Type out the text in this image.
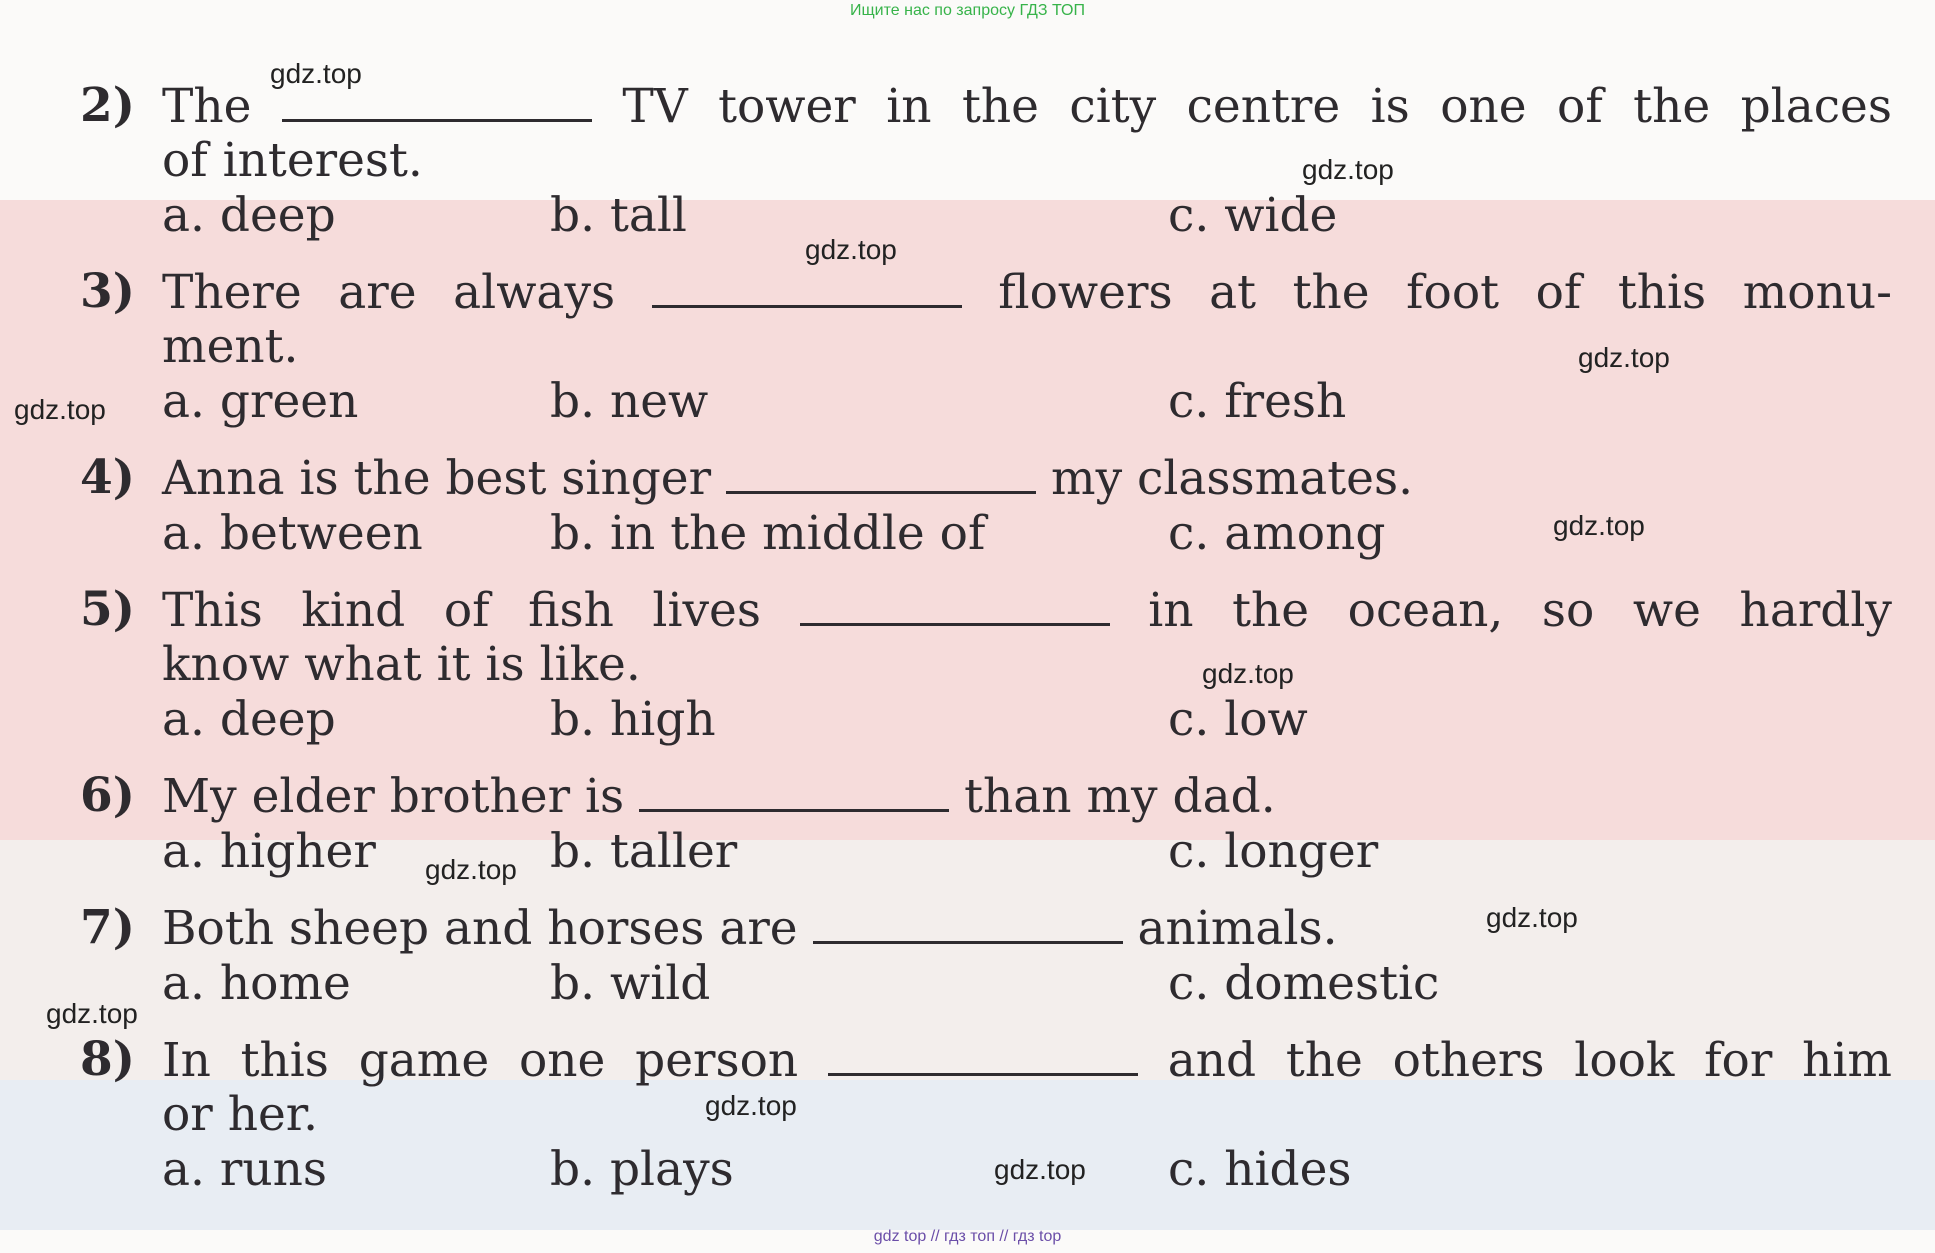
Ищите нас по запросу ГДЗ ТОП
2) The	TV tower in the city centre is one of the places
of interest.
a. deep	b. tall	c. wide
3) There are always	flowers at the foot of this monu-
ment.
a. green	b. new	c. fresh
4) Anna is the best singer	my classmates.
a. between	b. in the middle of	c. among
5) This kind of fish lives	in the ocean, so we hardly
know what it is like.
a. deep	b. high	c. low
6) My elder brother is	than my dad.
a. higher	b. taller	c. longer
7) Both sheep and horses are	animals.
a. home	b. wild	c. domestic
8) In this game one person	and the others look for him
or her.
a. runs	b. plays	c. hides
gdz.top
gdz.top
gdz.top
gdz.top
gdz.top
gdz.top
gdz.top
gdz.top
gdz.top
gdz.top
gdz.top
gdz.top
gdz top // гдз топ // гдз top
